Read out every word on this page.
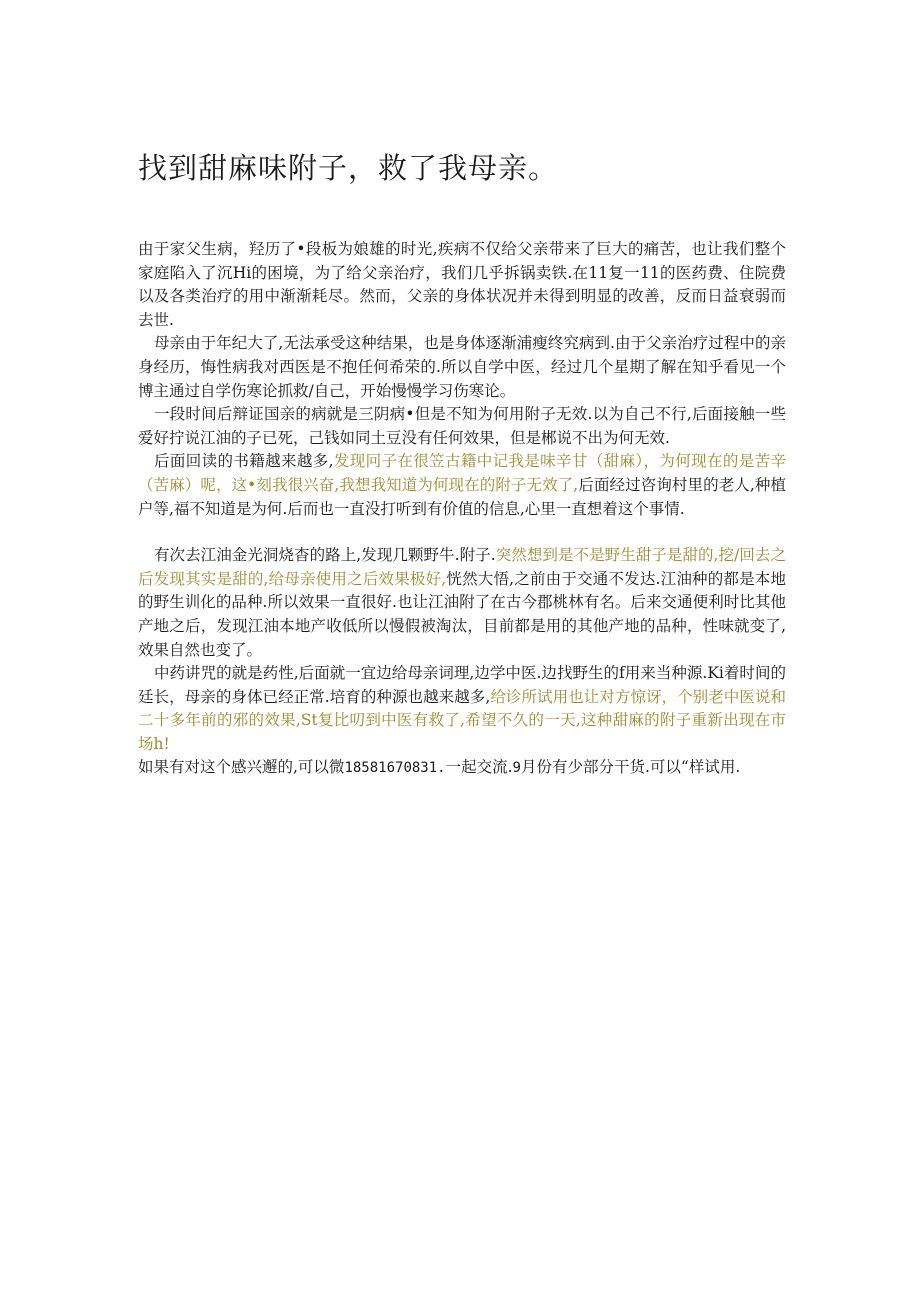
找到甜麻味附子，救了我母亲。

由于家父生病，羟历了•段板为娘雄的时光,疾病不仅给父亲带来了巨大的痛苦，也让我们整个家庭陷入了沉Hi的困境，为了给父亲治疗，我们几乎拆锅卖铁.在11复一11的医药费、住院费以及各类治疗的用中渐渐耗尽。然而，父亲的身体状况并未得到明显的改善，反而日益衰弱而去世.

母亲由于年纪大了,无法承受这种结果，也是身体逐渐浦瘦终究病到.由于父亲治疗过程中的亲身经历，悔性病我对西医是不抱任何希荣的.所以自学中医，经过几个星期了解在知乎看见一个博主通过自学伤寒论抓救/自己，开始慢慢学习伤寒论。

一段时间后辩证国亲的病就是三阴病•但是不知为何用附子无效.以为自己不行,后面接触一些爱好拧说江油的子已死，己钱如同土豆没有任何效果，但是郴说不出为何无效.

后面回读的书籍越来越多,发现冋子在很笠古籍中记我是味辛甘（甜麻），为何现在的是苦辛（苦麻）呢，这•刻我很兴奋,我想我知道为何现在的附子无效了,后面经过咨询村里的老人,种植户等,福不知道是为何.后而也一直没打听到有价值的信息,心里一直想着这个事情.

有次去江油金光洞烧杳的路上,发现几颗野牛.附子.突然想到是不是野生甜子是甜的,挖/回去之后发现其实是甜的,给母亲使用之后效果极好,恍然大悟,之前由于交通不发达.江油种的都是本地的野生训化的品种.所以效果一直很好.也让江油附了在古今郡桃林有名。后来交通便利时比其他产地之后，发现江油本地产收低所以慢假被淘汰，目前都是用的其他产地的品种，性味就变了,效果自然也变了。

中药讲咒的就是药性,后面就一宜边给母亲词理,边学中医.边找野生的f用来当种源.Ki着时间的廷长，母亲的身体已经正常.培育的种源也越来越多,给诊所试用也让对方惊讶，个别老中医说和二十多年前的邪的效果,St复比叨到中医有救了,希望不久的一天,这种甜麻的附子重新出现在市场h!

如果有对这个感兴邂的,可以微18581670831.一起交流.9月份有少部分干货.可以“样试用.
